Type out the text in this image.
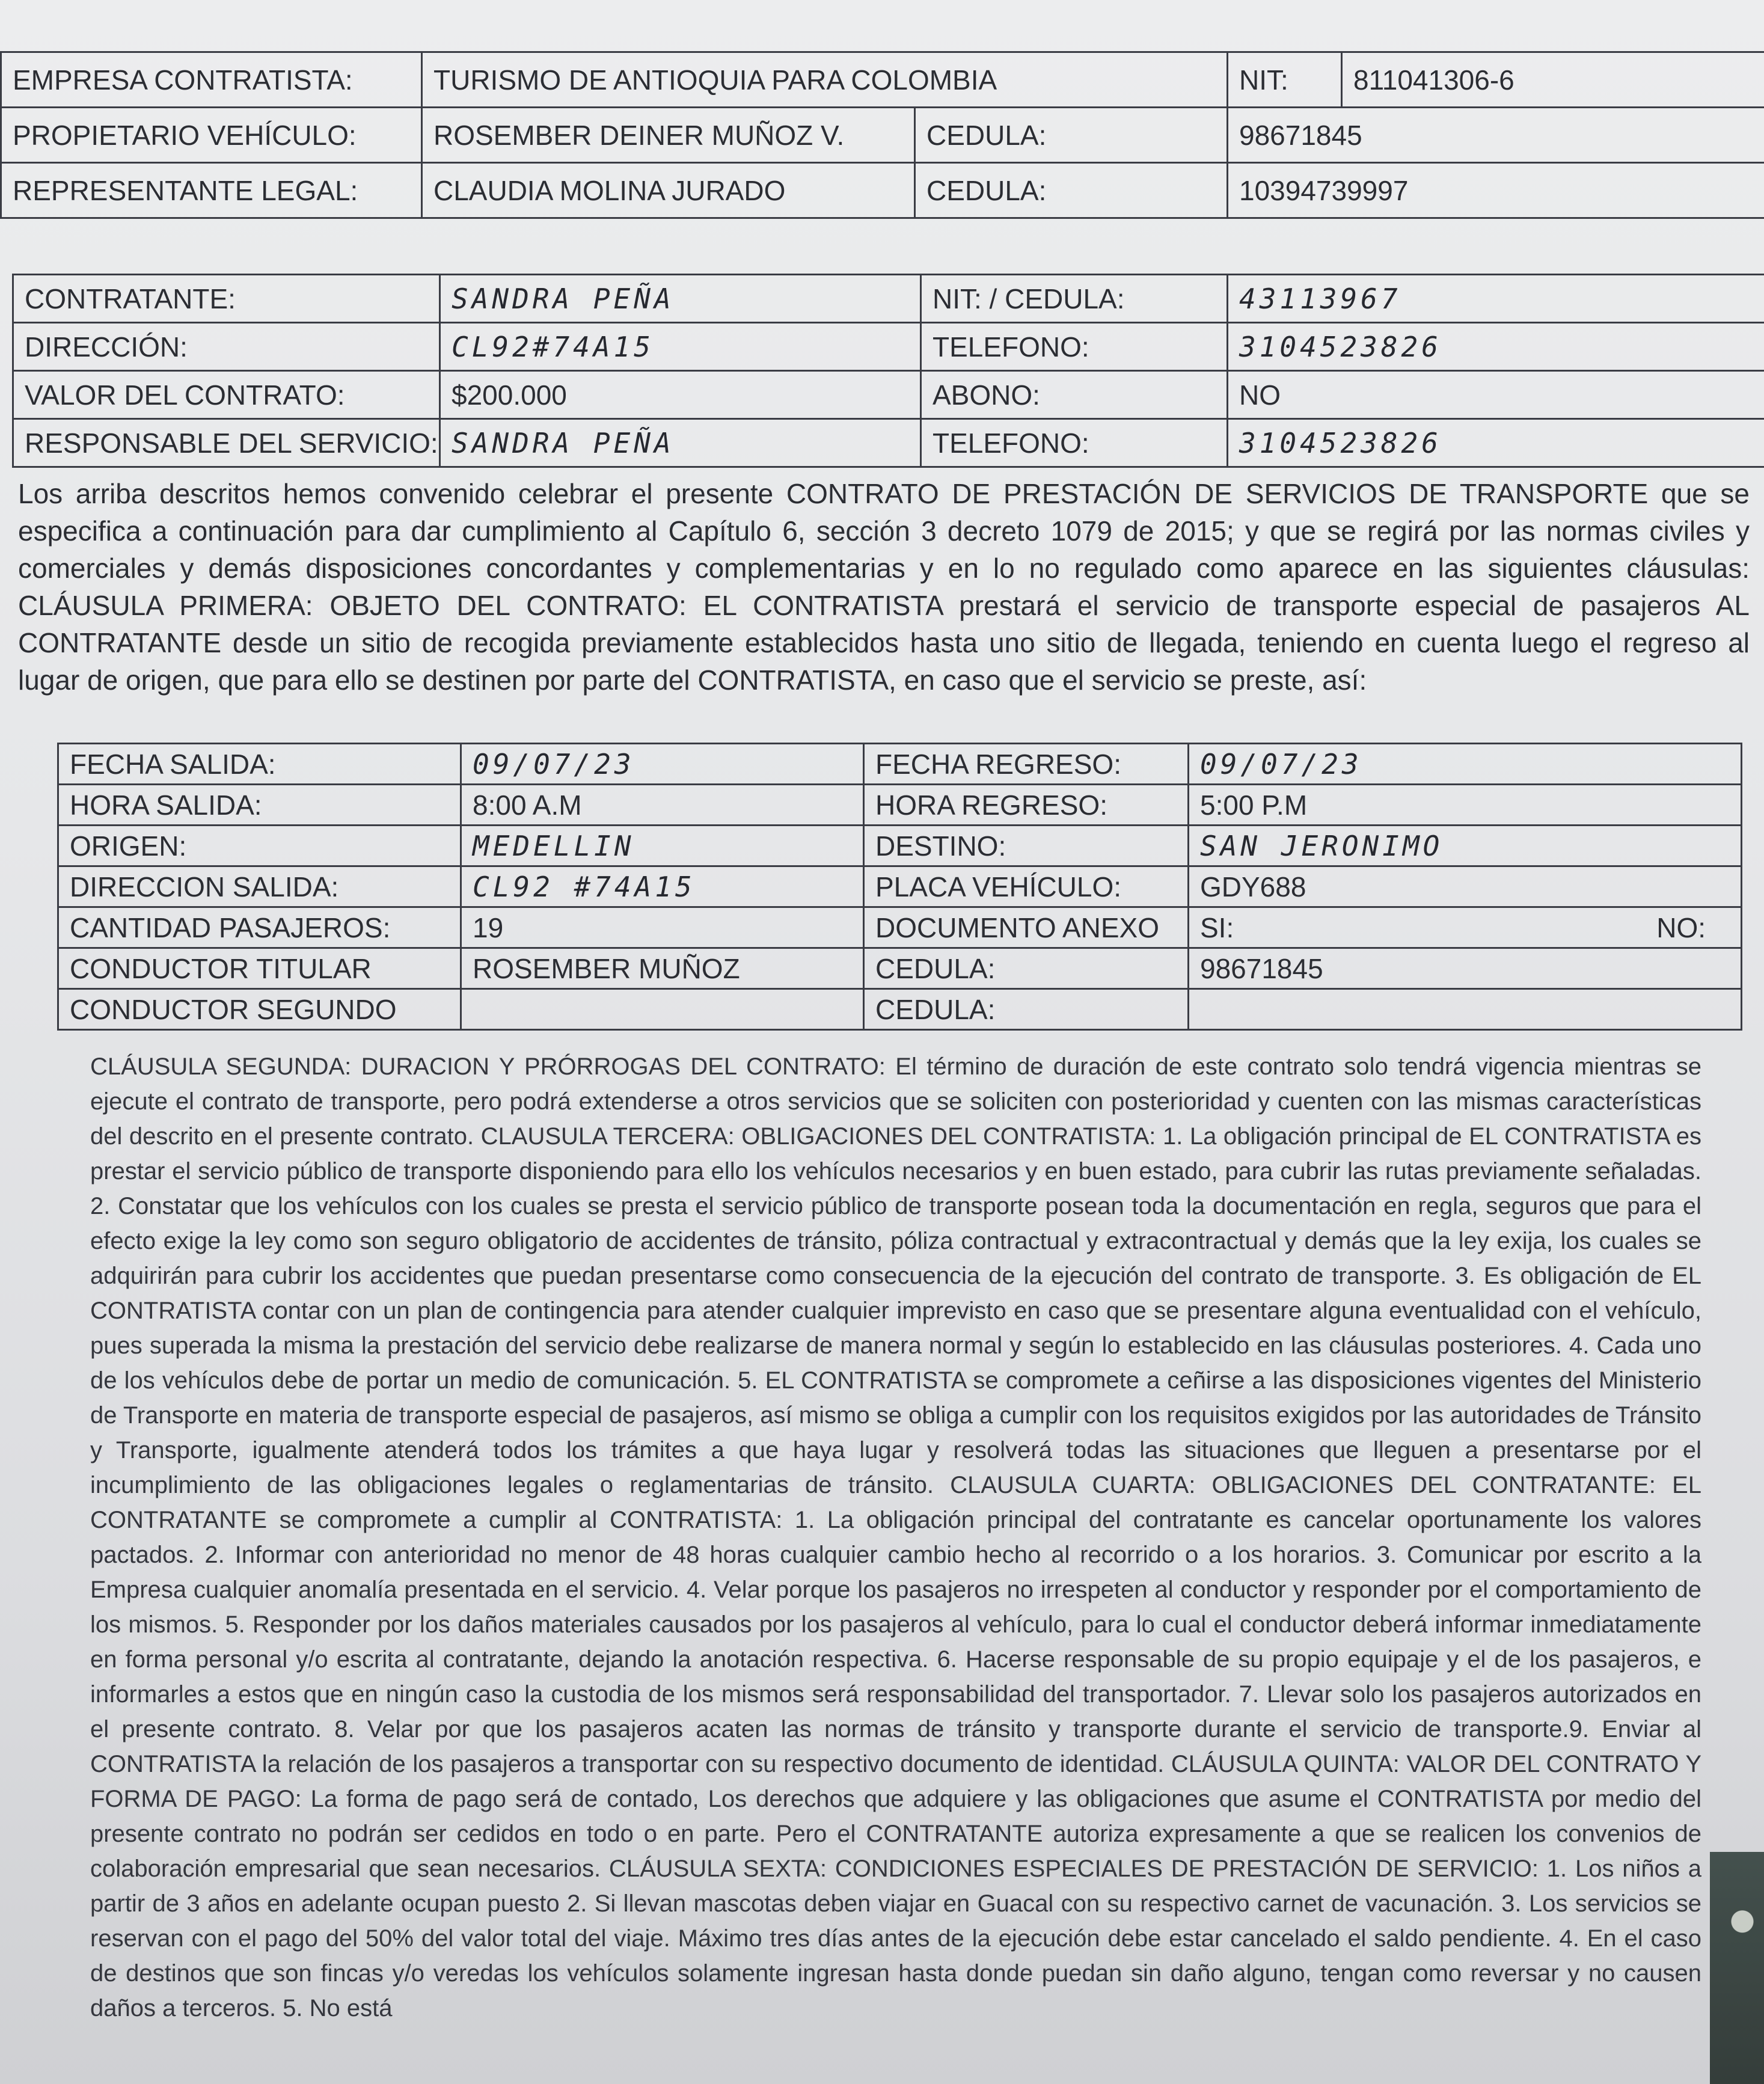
EMPRESA CONTRATISTA:	TURISMO DE ANTIOQUIA PARA COLOMBIA		NIT:	811041306-6
PROPIETARIO VEHÍCULO:	ROSEMBER DEINER MUÑOZ V.	CEDULA:	98671845	
REPRESENTANTE LEGAL:	CLAUDIA MOLINA JURADO	CEDULA:	10394739997	
CONTRATANTE:	SANDRA PEÑA	NIT: / CEDULA:	43113967
DIRECCIÓN:	CL92#74A15	TELEFONO:	3104523826
VALOR DEL CONTRATO:	$200.000	ABONO:	NO
RESPONSABLE DEL SERVICIO:	SANDRA PEÑA	TELEFONO:	3104523826

Los arriba descritos hemos convenido celebrar el presente CONTRATO DE PRESTACIÓN DE SERVICIOS DE TRANSPORTE que se especifica a continuación para dar cumplimiento al Capítulo 6, sección 3 decreto 1079 de 2015; y que se regirá por las normas civiles y comerciales y demás disposiciones concordantes y complementarias y en lo no regulado como aparece en las siguientes cláusulas: CLÁUSULA PRIMERA: OBJETO DEL CONTRATO: EL CONTRATISTA prestará el servicio de transporte especial de pasajeros AL CONTRATANTE desde un sitio de recogida previamente establecidos hasta uno sitio de llegada, teniendo en cuenta luego el regreso al lugar de origen, que para ello se destinen por parte del CONTRATISTA, en caso que el servicio se preste, así:

FECHA SALIDA:	09/07/23	FECHA REGRESO:	09/07/23
HORA SALIDA:	8:00 A.M	HORA REGRESO:	5:00 P.M
ORIGEN:	MEDELLIN	DESTINO:	SAN JERONIMO
DIRECCION SALIDA:	CL92 #74A15	PLACA VEHÍCULO:	GDY688
CANTIDAD PASAJEROS:	19	DOCUMENTO ANEXO	SI: NO:

CONDUCTOR TITULAR	ROSEMBER MUÑOZ	CEDULA:	98671845
CONDUCTOR SEGUNDO		CEDULA:	

CLÁUSULA SEGUNDA: DURACION Y PRÓRROGAS DEL CONTRATO: El término de duración de este contrato solo tendrá vigencia mientras se ejecute el contrato de transporte, pero podrá extenderse a otros servicios que se soliciten con posterioridad y cuenten con las mismas características del descrito en el presente contrato. CLAUSULA TERCERA: OBLIGACIONES DEL CONTRATISTA: 1. La obligación principal de EL CONTRATISTA es prestar el servicio público de transporte disponiendo para ello los vehículos necesarios y en buen estado, para cubrir las rutas previamente señaladas. 2. Constatar que los vehículos con los cuales se presta el servicio público de transporte posean toda la documentación en regla, seguros que para el efecto exige la ley como son seguro obligatorio de accidentes de tránsito, póliza contractual y extracontractual y demás que la ley exija, los cuales se adquirirán para cubrir los accidentes que puedan presentarse como consecuencia de la ejecución del contrato de transporte. 3. Es obligación de EL CONTRATISTA contar con un plan de contingencia para atender cualquier imprevisto en caso que se presentare alguna eventualidad con el vehículo, pues superada la misma la prestación del servicio debe realizarse de manera normal y según lo establecido en las cláusulas posteriores. 4. Cada uno de los vehículos debe de portar un medio de comunicación. 5. EL CONTRATISTA se compromete a ceñirse a las disposiciones vigentes del Ministerio de Transporte en materia de transporte especial de pasajeros, así mismo se obliga a cumplir con los requisitos exigidos por las autoridades de Tránsito y Transporte, igualmente atenderá todos los trámites a que haya lugar y resolverá todas las situaciones que lleguen a presentarse por el incumplimiento de las obligaciones legales o reglamentarias de tránsito. CLAUSULA CUARTA: OBLIGACIONES DEL CONTRATANTE: EL CONTRATANTE se compromete a cumplir al CONTRATISTA: 1. La obligación principal del contratante es cancelar oportunamente los valores pactados. 2. Informar con anterioridad no menor de 48 horas cualquier cambio hecho al recorrido o a los horarios. 3. Comunicar por escrito a la Empresa cualquier anomalía presentada en el servicio. 4. Velar porque los pasajeros no irrespeten al conductor y responder por el comportamiento de los mismos. 5. Responder por los daños materiales causados por los pasajeros al vehículo, para lo cual el conductor deberá informar inmediatamente en forma personal y/o escrita al contratante, dejando la anotación respectiva. 6. Hacerse responsable de su propio equipaje y el de los pasajeros, e informarles a estos que en ningún caso la custodia de los mismos será responsabilidad del transportador. 7. Llevar solo los pasajeros autorizados en el presente contrato. 8. Velar por que los pasajeros acaten las normas de tránsito y transporte durante el servicio de transporte.9. Enviar al CONTRATISTA la relación de los pasajeros a transportar con su respectivo documento de identidad. CLÁUSULA QUINTA: VALOR DEL CONTRATO Y FORMA DE PAGO: La forma de pago será de contado, Los derechos que adquiere y las obligaciones que asume el CONTRATISTA por medio del presente contrato no podrán ser cedidos en todo o en parte. Pero el CONTRATANTE autoriza expresamente a que se realicen los convenios de colaboración empresarial que sean necesarios. CLÁUSULA SEXTA: CONDICIONES ESPECIALES DE PRESTACIÓN DE SERVICIO: 1. Los niños a partir de 3 años en adelante ocupan puesto 2. Si llevan mascotas deben viajar en Guacal con su respectivo carnet de vacunación. 3. Los servicios se reservan con el pago del 50% del valor total del viaje. Máximo tres días antes de la ejecución debe estar cancelado el saldo pendiente. 4. En el caso de destinos que son fincas y/o veredas los vehículos solamente ingresan hasta donde puedan sin daño alguno, tengan como reversar y no causen daños a terceros. 5. No está
